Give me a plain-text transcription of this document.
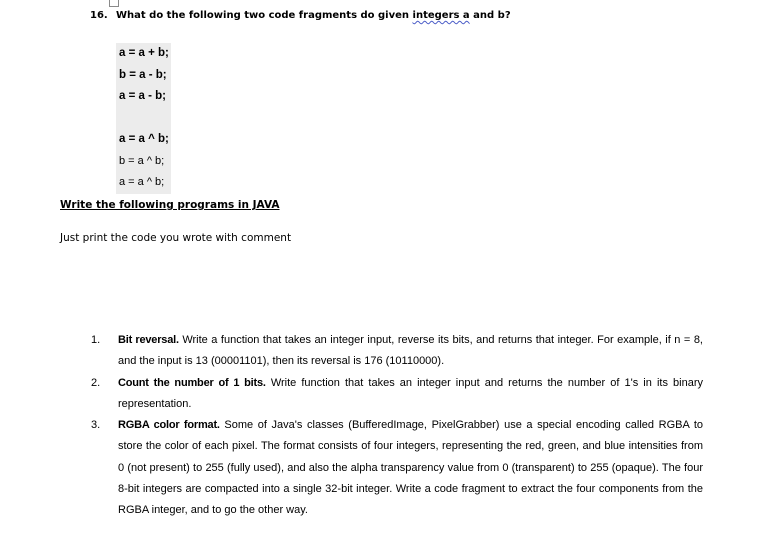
16. What do the following two code fragments do given integers a and b?
a = a + b;
b = a - b;
a = a - b;
a = a ^ b;
b = a ^ b;
a = a ^ b;
Write the following programs in JAVA
Just print the code you wrote with comment
1. Bit reversal. Write a function that takes an integer input, reverse its bits, and returns that integer. For example, if n = 8, and the input is 13 (00001101), then its reversal is 176 (10110000).
2. Count the number of 1 bits. Write function that takes an integer input and returns the number of 1's in its binary representation.
3. RGBA color format. Some of Java's classes (BufferedImage, PixelGrabber) use a special encoding called RGBA to store the color of each pixel. The format consists of four integers, representing the red, green, and blue intensities from 0 (not present) to 255 (fully used), and also the alpha transparency value from 0 (transparent) to 255 (opaque). The four 8-bit integers are compacted into a single 32-bit integer. Write a code fragment to extract the four components from the RGBA integer, and to go the other way.
